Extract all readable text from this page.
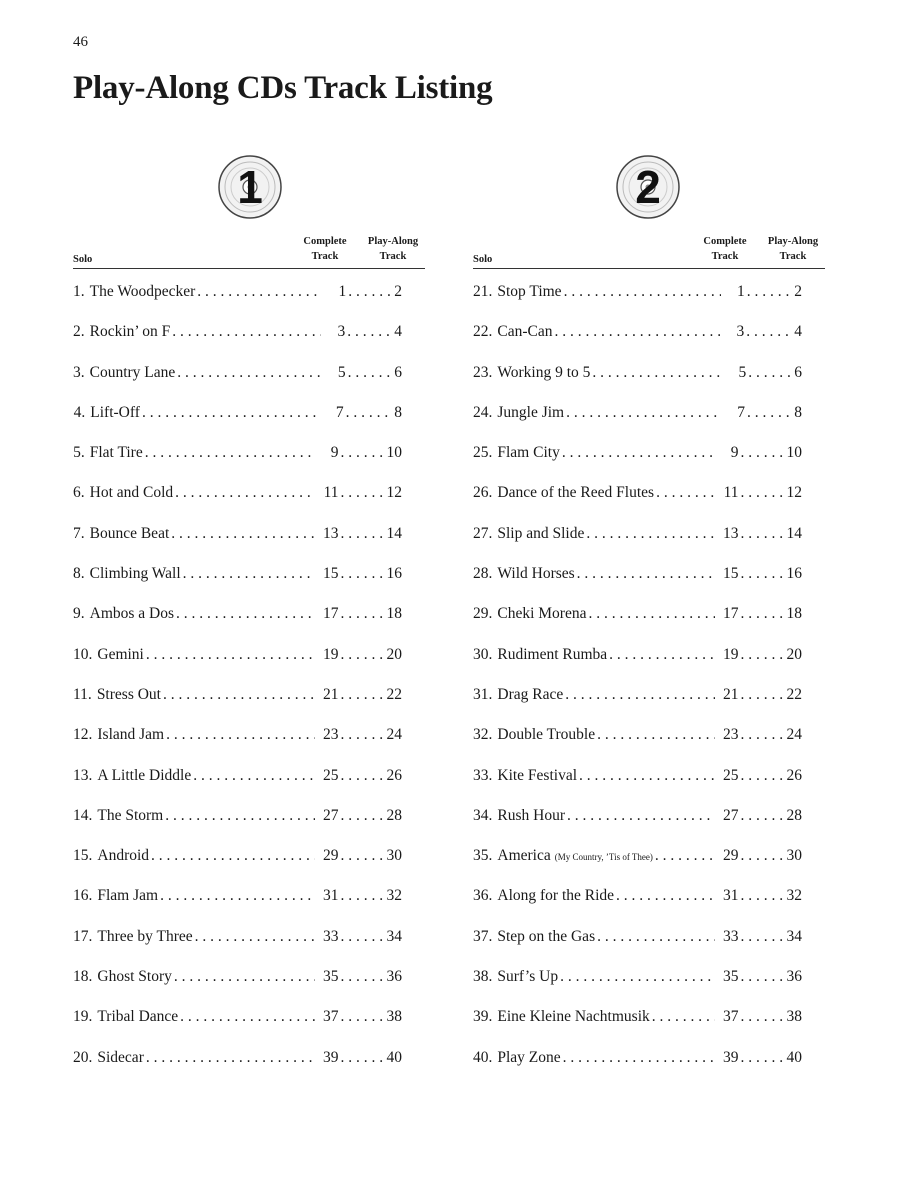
46
Play-Along CDs Track Listing
1
Solo
Complete
Track
Play-Along
Track
1. The Woodpecker . . .	1 . . .	2
2. Rockin’ on F . . .	3 . . .	4
3. Country Lane . . .	5 . . .	6
4. Lift-Off . . .	7 . . .	8
5. Flat Tire . . .	9 . . .	10
6. Hot and Cold . . .	11 . . .	12
7. Bounce Beat . . .	13 . . .	14
8. Climbing Wall . . .	15 . . .	16
9. Ambos a Dos . . .	17 . . .	18
10. Gemini . . .	19 . . .	20
11. Stress Out . . .	21 . . .	22
12. Island Jam . . .	23 . . .	24
13. A Little Diddle . . .	25 . . .	26
14. The Storm . . .	27 . . .	28
15. Android . . .	29 . . .	30
16. Flam Jam . . .	31 . . .	32
17. Three by Three . . .	33 . . .	34
18. Ghost Story . . .	35 . . .	36
19. Tribal Dance . . .	37 . . .	38
20. Sidecar . . .	39 . . .	40
2
Solo
Complete
Track
Play-Along
Track
21. Stop Time . . .	1 . . .	2
22. Can-Can . . .	3 . . .	4
23. Working 9 to 5 . . .	5 . . .	6
24. Jungle Jim . . .	7 . . .	8
25. Flam City . . .	9 . . .	10
26. Dance of the Reed Flutes . . .	11 . . .	12
27. Slip and Slide . . .	13 . . .	14
28. Wild Horses . . .	15 . . .	16
29. Cheki Morena . . .	17 . . .	18
30. Rudiment Rumba . . .	19 . . .	20
31. Drag Race . . .	21 . . .	22
32. Double Trouble . . .	23 . . .	24
33. Kite Festival . . .	25 . . .	26
34. Rush Hour . . .	27 . . .	28
35. America (My Country, ’Tis of Thee) . . .	29 . . .	30
36. Along for the Ride . . .	31 . . .	32
37. Step on the Gas . . .	33 . . .	34
38. Surf’s Up . . .	35 . . .	36
39. Eine Kleine Nachtmusik . . .	37 . . .	38
40. Play Zone . . .	39 . . .	40
